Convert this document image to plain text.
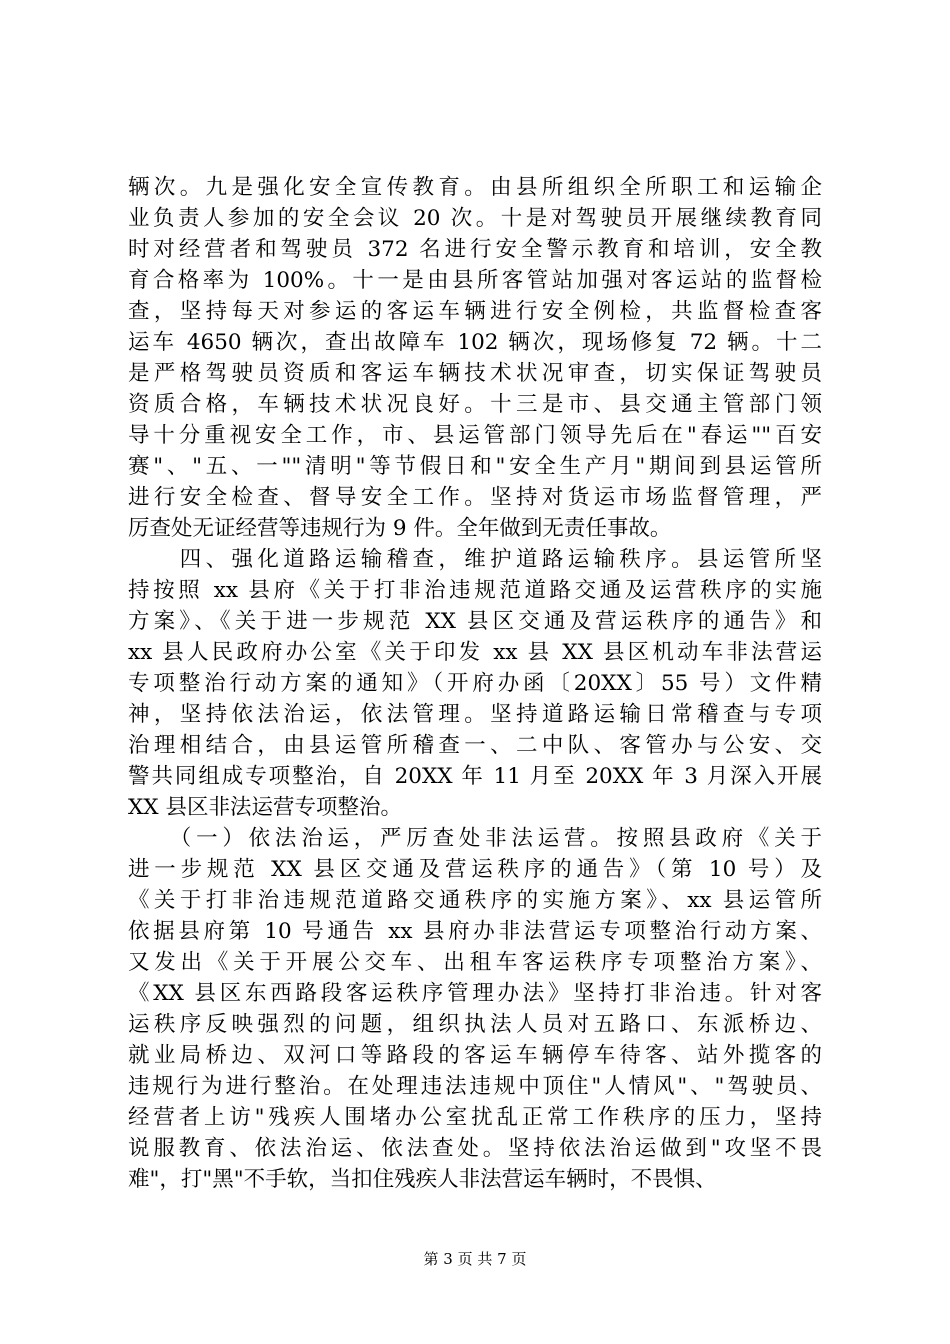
辆次。九是强化安全宣传教育。由县所组织全所职工和运输企
业负责人参加的安全会议 20 次。十是对驾驶员开展继续教育同
时对经营者和驾驶员 372 名进行安全警示教育和培训，安全教
育合格率为 100%。十一是由县所客管站加强对客运站的监督检
查，坚持每天对参运的客运车辆进行安全例检，共监督检查客
运车 4650 辆次，查出故障车 102 辆次，现场修复 72 辆。十二
是严格驾驶员资质和客运车辆技术状况审查，切实保证驾驶员
资质合格，车辆技术状况良好。十三是市、县交通主管部门领
导十分重视安全工作，市、县运管部门领导先后在"春运""百安
赛"、"五、一""清明"等节假日和"安全生产月"期间到县运管所
进行安全检查、督导安全工作。坚持对货运市场监督管理，严
厉查处无证经营等违规行为 9 件。全年做到无责任事故。
　　四、强化道路运输稽查，维护道路运输秩序。县运管所坚
持按照 xx 县府《关于打非治违规范道路交通及运营秩序的实施
方案》、《关于进一步规范 XX 县区交通及营运秩序的通告》和
xx 县人民政府办公室《关于印发 xx 县 XX 县区机动车非法营运
专项整治行动方案的通知》（开府办函〔20XX〕55 号）文件精
神，坚持依法治运，依法管理。坚持道路运输日常稽查与专项
治理相结合，由县运管所稽查一、二中队、客管办与公安、交
警共同组成专项整治，自 20XX 年 11 月至 20XX 年 3 月深入开展
XX 县区非法运营专项整治。
　　（一）依法治运，严厉查处非法运营。按照县政府《关于
进一步规范 XX 县区交通及营运秩序的通告》（第 10 号）及
《关于打非治违规范道路交通秩序的实施方案》、xx 县运管所
依据县府第 10 号通告 xx 县府办非法营运专项整治行动方案、
又发出《关于开展公交车、出租车客运秩序专项整治方案》、
《XX 县区东西路段客运秩序管理办法》坚持打非治违。针对客
运秩序反映强烈的问题，组织执法人员对五路口、东派桥边、
就业局桥边、双河口等路段的客运车辆停车待客、站外揽客的
违规行为进行整治。在处理违法违规中顶住"人情风"、"驾驶员、
经营者上访"残疾人围堵办公室扰乱正常工作秩序的压力，坚持
说服教育、依法治运、依法查处。坚持依法治运做到"攻坚不畏
难"，打"黑"不手软，当扣住残疾人非法营运车辆时，不畏惧、
第 3 页 共 7 页
